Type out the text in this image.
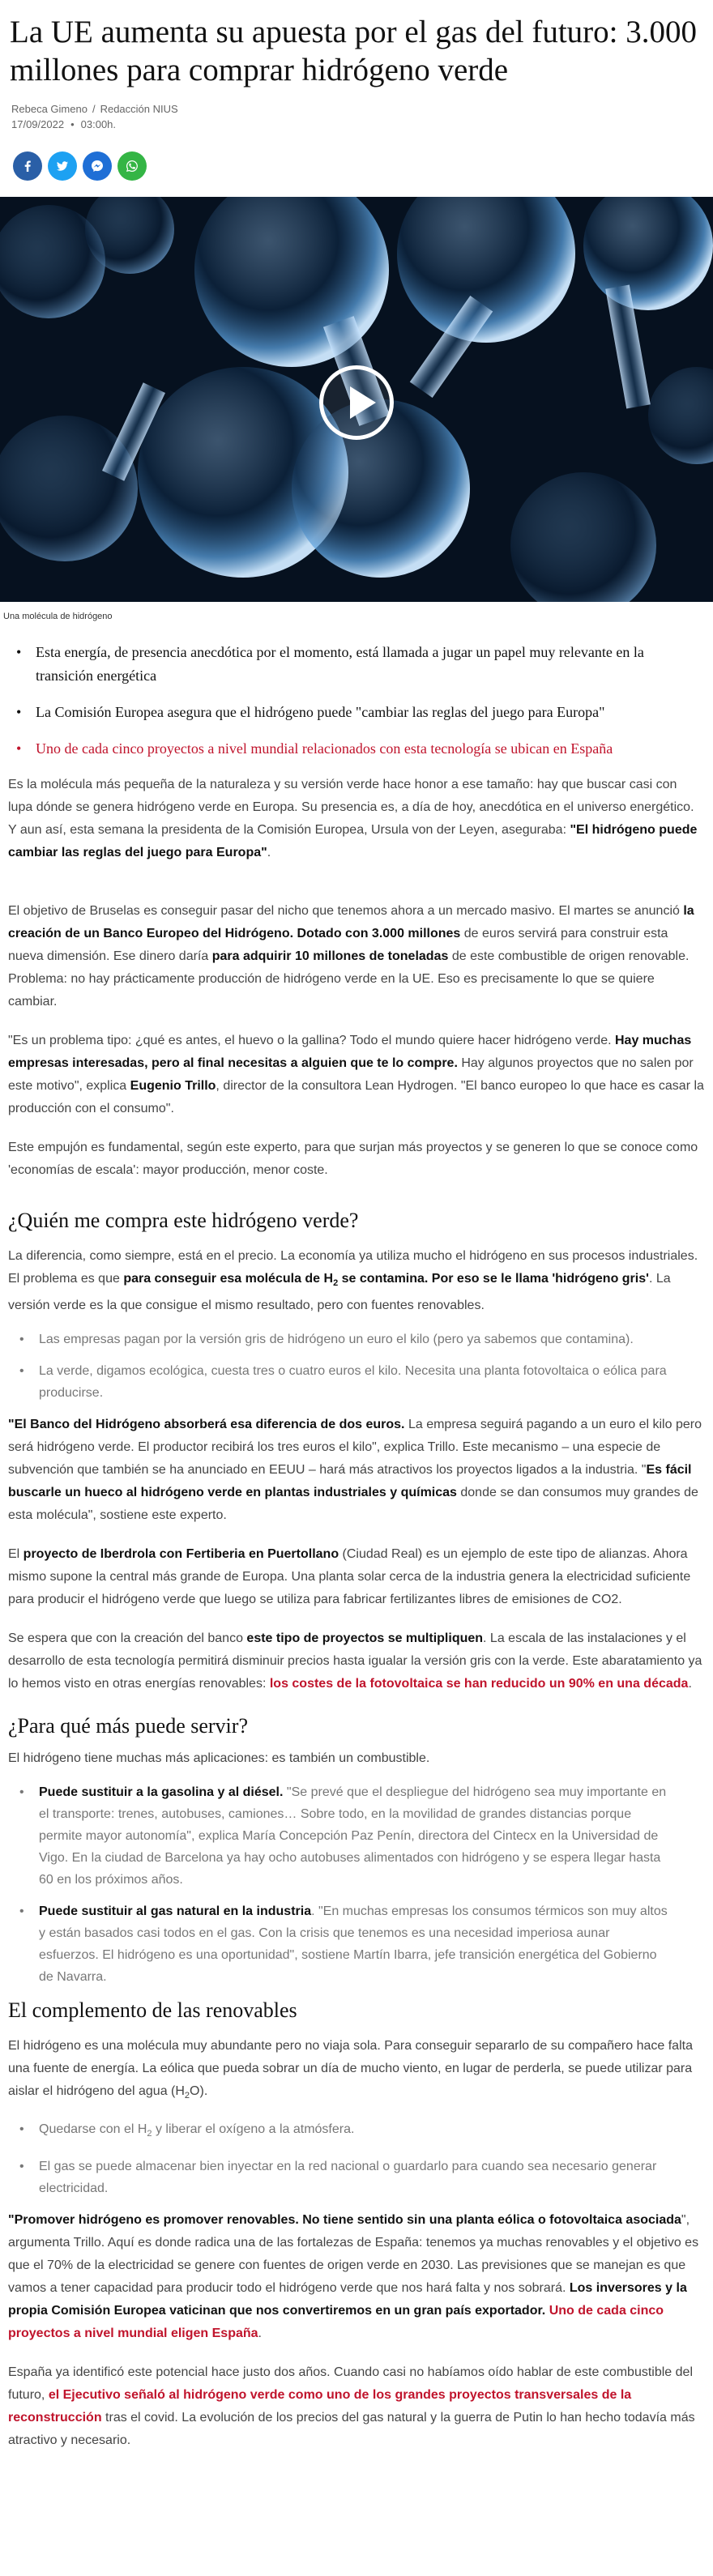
La UE aumenta su apuesta por el gas del futuro: 3.000 millones para comprar hidrógeno verde
Rebeca Gimeno / Redacción NIUS
17/09/2022 • 03:00h.
Una molécula de hidrógeno
• Esta energía, de presencia anecdótica por el momento, está llamada a jugar un papel muy relevante en la transición energética
• La Comisión Europea asegura que el hidrógeno puede "cambiar las reglas del juego para Europa"
• Uno de cada cinco proyectos a nivel mundial relacionados con esta tecnología se ubican en España

Es la molécula más pequeña de la naturaleza y su versión verde hace honor a ese tamaño: hay que buscar casi con lupa dónde se genera hidrógeno verde en Europa. Su presencia es, a día de hoy, anecdótica en el universo energético. Y aun así, esta semana la presidenta de la Comisión Europea, Ursula von der Leyen, aseguraba: "El hidrógeno puede cambiar las reglas del juego para Europa".

El objetivo de Bruselas es conseguir pasar del nicho que tenemos ahora a un mercado masivo. El martes se anunció la creación de un Banco Europeo del Hidrógeno. Dotado con 3.000 millones de euros servirá para construir esta nueva dimensión. Ese dinero daría para adquirir 10 millones de toneladas de este combustible de origen renovable. Problema: no hay prácticamente producción de hidrógeno verde en la UE. Eso es precisamente lo que se quiere cambiar.

"Es un problema tipo: ¿qué es antes, el huevo o la gallina? Todo el mundo quiere hacer hidrógeno verde. Hay muchas empresas interesadas, pero al final necesitas a alguien que te lo compre. Hay algunos proyectos que no salen por este motivo", explica Eugenio Trillo, director de la consultora Lean Hydrogen. "El banco europeo lo que hace es casar la producción con el consumo".

Este empujón es fundamental, según este experto, para que surjan más proyectos y se generen lo que se conoce como 'economías de escala': mayor producción, menor coste.

¿Quién me compra este hidrógeno verde?

La diferencia, como siempre, está en el precio. La economía ya utiliza mucho el hidrógeno en sus procesos industriales. El problema es que para conseguir esa molécula de $H_2$ se contamina. Por eso se le llama 'hidrógeno gris'. La versión verde es la que consigue el mismo resultado, pero con fuentes renovables.

• Las empresas pagan por la versión gris de hidrógeno un euro el kilo (pero ya sabemos que contamina).
• La verde, digamos ecológica, cuesta tres o cuatro euros el kilo. Necesita una planta fotovoltaica o eólica para producirse.

"El Banco del Hidrógeno absorberá esa diferencia de dos euros. La empresa seguirá pagando a un euro el kilo pero será hidrógeno verde. El productor recibirá los tres euros el kilo", explica Trillo. Este mecanismo – una especie de subvención que también se ha anunciado en EEUU – hará más atractivos los proyectos ligados a la industria. "Es fácil buscarle un hueco al hidrógeno verde en plantas industriales y químicas donde se dan consumos muy grandes de esta molécula", sostiene este experto.

El proyecto de Iberdrola con Fertiberia en Puertollano (Ciudad Real) es un ejemplo de este tipo de alianzas. Ahora mismo supone la central más grande de Europa. Una planta solar cerca de la industria genera la electricidad suficiente para producir el hidrógeno verde que luego se utiliza para fabricar fertilizantes libres de emisiones de CO2.

Se espera que con la creación del banco este tipo de proyectos se multipliquen. La escala de las instalaciones y el desarrollo de esta tecnología permitirá disminuir precios hasta igualar la versión gris con la verde. Este abaratamiento ya lo hemos visto en otras energías renovables: los costes de la fotovoltaica se han reducido un 90% en una década.

¿Para qué más puede servir?

El hidrógeno tiene muchas más aplicaciones: es también un combustible.

• Puede sustituir a la gasolina y al diésel. "Se prevé que el despliegue del hidrógeno sea muy importante en el transporte: trenes, autobuses, camiones… Sobre todo, en la movilidad de grandes distancias porque permite mayor autonomía", explica María Concepción Paz Penín, directora del Cintecx en la Universidad de Vigo. En la ciudad de Barcelona ya hay ocho autobuses alimentados con hidrógeno y se espera llegar hasta 60 en los próximos años.
• Puede sustituir al gas natural en la industria. "En muchas empresas los consumos térmicos son muy altos y están basados casi todos en el gas. Con la crisis que tenemos es una necesidad imperiosa aunar esfuerzos. El hidrógeno es una oportunidad", sostiene Martín Ibarra, jefe transición energética del Gobierno de Navarra.
El complemento de las renovables

El hidrógeno es una molécula muy abundante pero no viaja sola. Para conseguir separarlo de su compañero hace falta una fuente de energía. La eólica que pueda sobrar un día de mucho viento, en lugar de perderla, se puede utilizar para aislar el hidrógeno del agua $(H_2O)$.

• Quedarse con el $H_2$ y liberar el oxígeno a la atmósfera.
• El gas se puede almacenar bien inyectar en la red nacional o guardarlo para cuando sea necesario generar electricidad.

"Promover hidrógeno es promover renovables. No tiene sentido sin una planta eólica o fotovoltaica asociada", argumenta Trillo. Aquí es donde radica una de las fortalezas de España: tenemos ya muchas renovables y el objetivo es que el 70% de la electricidad se genere con fuentes de origen verde en 2030. Las previsiones que se manejan es que vamos a tener capacidad para producir todo el hidrógeno verde que nos hará falta y nos sobrará. Los inversores y la propia Comisión Europea vaticinan que nos convertiremos en un gran país exportador. Uno de cada cinco proyectos a nivel mundial eligen España.

España ya identificó este potencial hace justo dos años. Cuando casi no habíamos oído hablar de este combustible del futuro, el Ejecutivo señaló al hidrógeno verde como uno de los grandes proyectos transversales de la reconstrucción tras el covid. La evolución de los precios del gas natural y la guerra de Putin lo han hecho todavía más atractivo y necesario.
